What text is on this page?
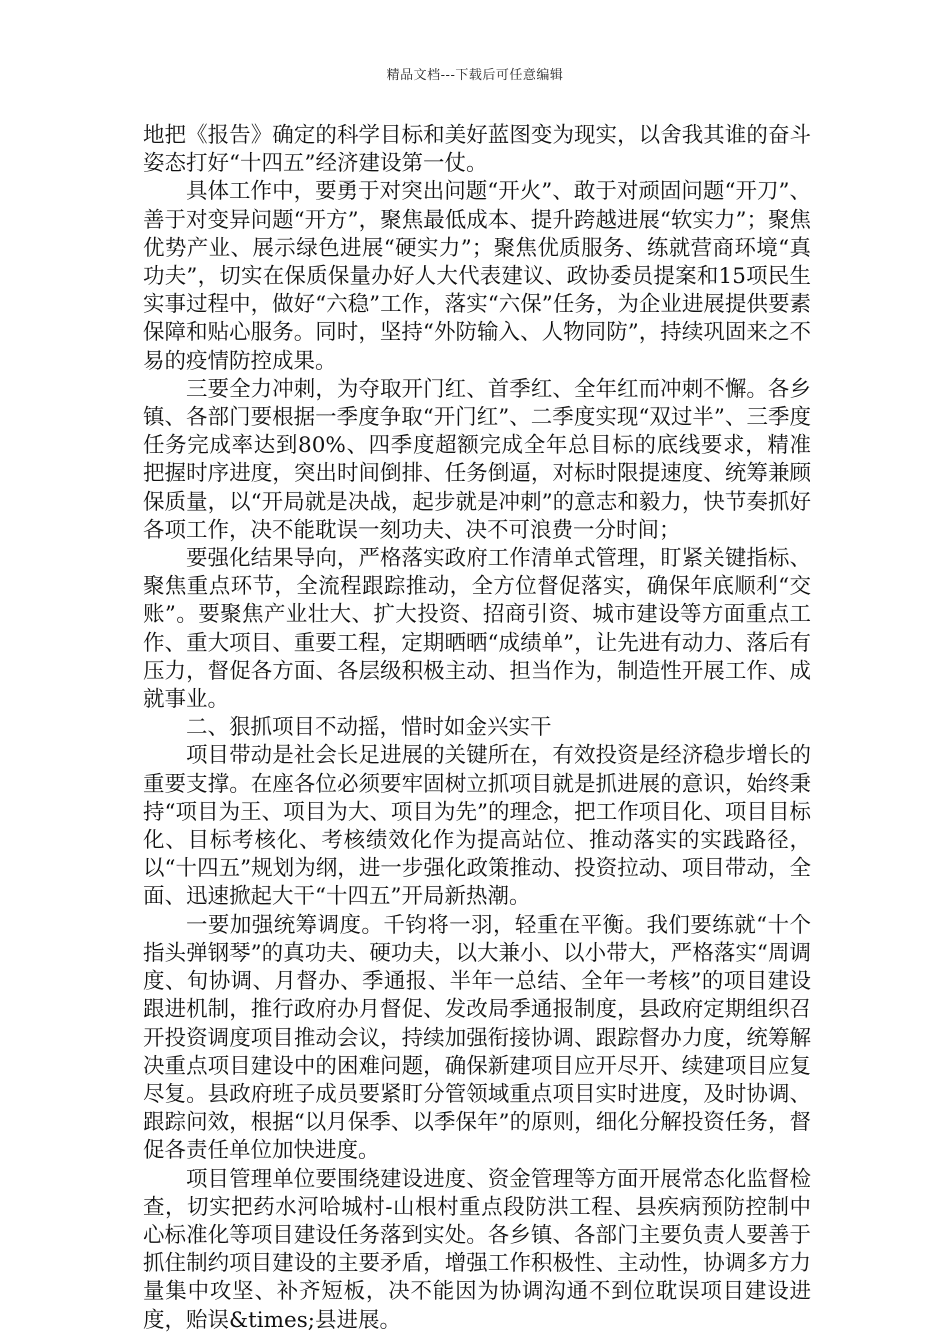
精品文档---下载后可任意编辑

地把《报告》确定的科学目标和美好蓝图变为现实，以舍我其谁的奋斗姿态打好“十四五”经济建设第一仗。

具体工作中，要勇于对突出问题“开火”、敢于对顽固问题“开刀”、善于对变异问题“开方”，聚焦最低成本、提升跨越进展“软实力”；聚焦优势产业、展示绿色进展“硬实力”；聚焦优质服务、练就营商环境“真功夫”，切实在保质保量办好人大代表建议、政协委员提案和15项民生实事过程中，做好“六稳”工作，落实“六保”任务，为企业进展提供要素保障和贴心服务。同时，坚持“外防输入、人物同防”，持续巩固来之不易的疫情防控成果。

三要全力冲刺，为夺取开门红、首季红、全年红而冲刺不懈。各乡镇、各部门要根据一季度争取“开门红”、二季度实现“双过半”、三季度任务完成率达到80%、四季度超额完成全年总目标的底线要求，精准把握时序进度，突出时间倒排、任务倒逼，对标时限提速度、统筹兼顾保质量，以“开局就是决战，起步就是冲刺”的意志和毅力，快节奏抓好各项工作，决不能耽误一刻功夫、决不可浪费一分时间；

要强化结果导向，严格落实政府工作清单式管理，盯紧关键指标、聚焦重点环节，全流程跟踪推动，全方位督促落实，确保年底顺利“交账”。要聚焦产业壮大、扩大投资、招商引资、城市建设等方面重点工作、重大项目、重要工程，定期晒晒“成绩单”，让先进有动力、落后有压力，督促各方面、各层级积极主动、担当作为，制造性开展工作、成就事业。

二、狠抓项目不动摇，惜时如金兴实干

项目带动是社会长足进展的关键所在，有效投资是经济稳步增长的重要支撑。在座各位必须要牢固树立抓项目就是抓进展的意识，始终秉持“项目为王、项目为大、项目为先”的理念，把工作项目化、项目目标化、目标考核化、考核绩效化作为提高站位、推动落实的实践路径，以“十四五”规划为纲，进一步强化政策推动、投资拉动、项目带动，全面、迅速掀起大干“十四五”开局新热潮。

一要加强统筹调度。千钧将一羽，轻重在平衡。我们要练就“十个指头弹钢琴”的真功夫、硬功夫，以大兼小、以小带大，严格落实“周调度、旬协调、月督办、季通报、半年一总结、全年一考核”的项目建设跟进机制，推行政府办月督促、发改局季通报制度，县政府定期组织召开投资调度项目推动会议，持续加强衔接协调、跟踪督办力度，统筹解决重点项目建设中的困难问题，确保新建项目应开尽开、续建项目应复尽复。县政府班子成员要紧盯分管领域重点项目实时进度，及时协调、跟踪问效，根据“以月保季、以季保年”的原则，细化分解投资任务，督促各责任单位加快进度。

项目管理单位要围绕建设进度、资金管理等方面开展常态化监督检查，切实把药水河哈城村-山根村重点段防洪工程、县疾病预防控制中心标准化等项目建设任务落到实处。各乡镇、各部门主要负责人要善于抓住制约项目建设的主要矛盾，增强工作积极性、主动性，协调多方力量集中攻坚、补齐短板，决不能因为协调沟通不到位耽误项目建设进度，贻误&times;县进展。
